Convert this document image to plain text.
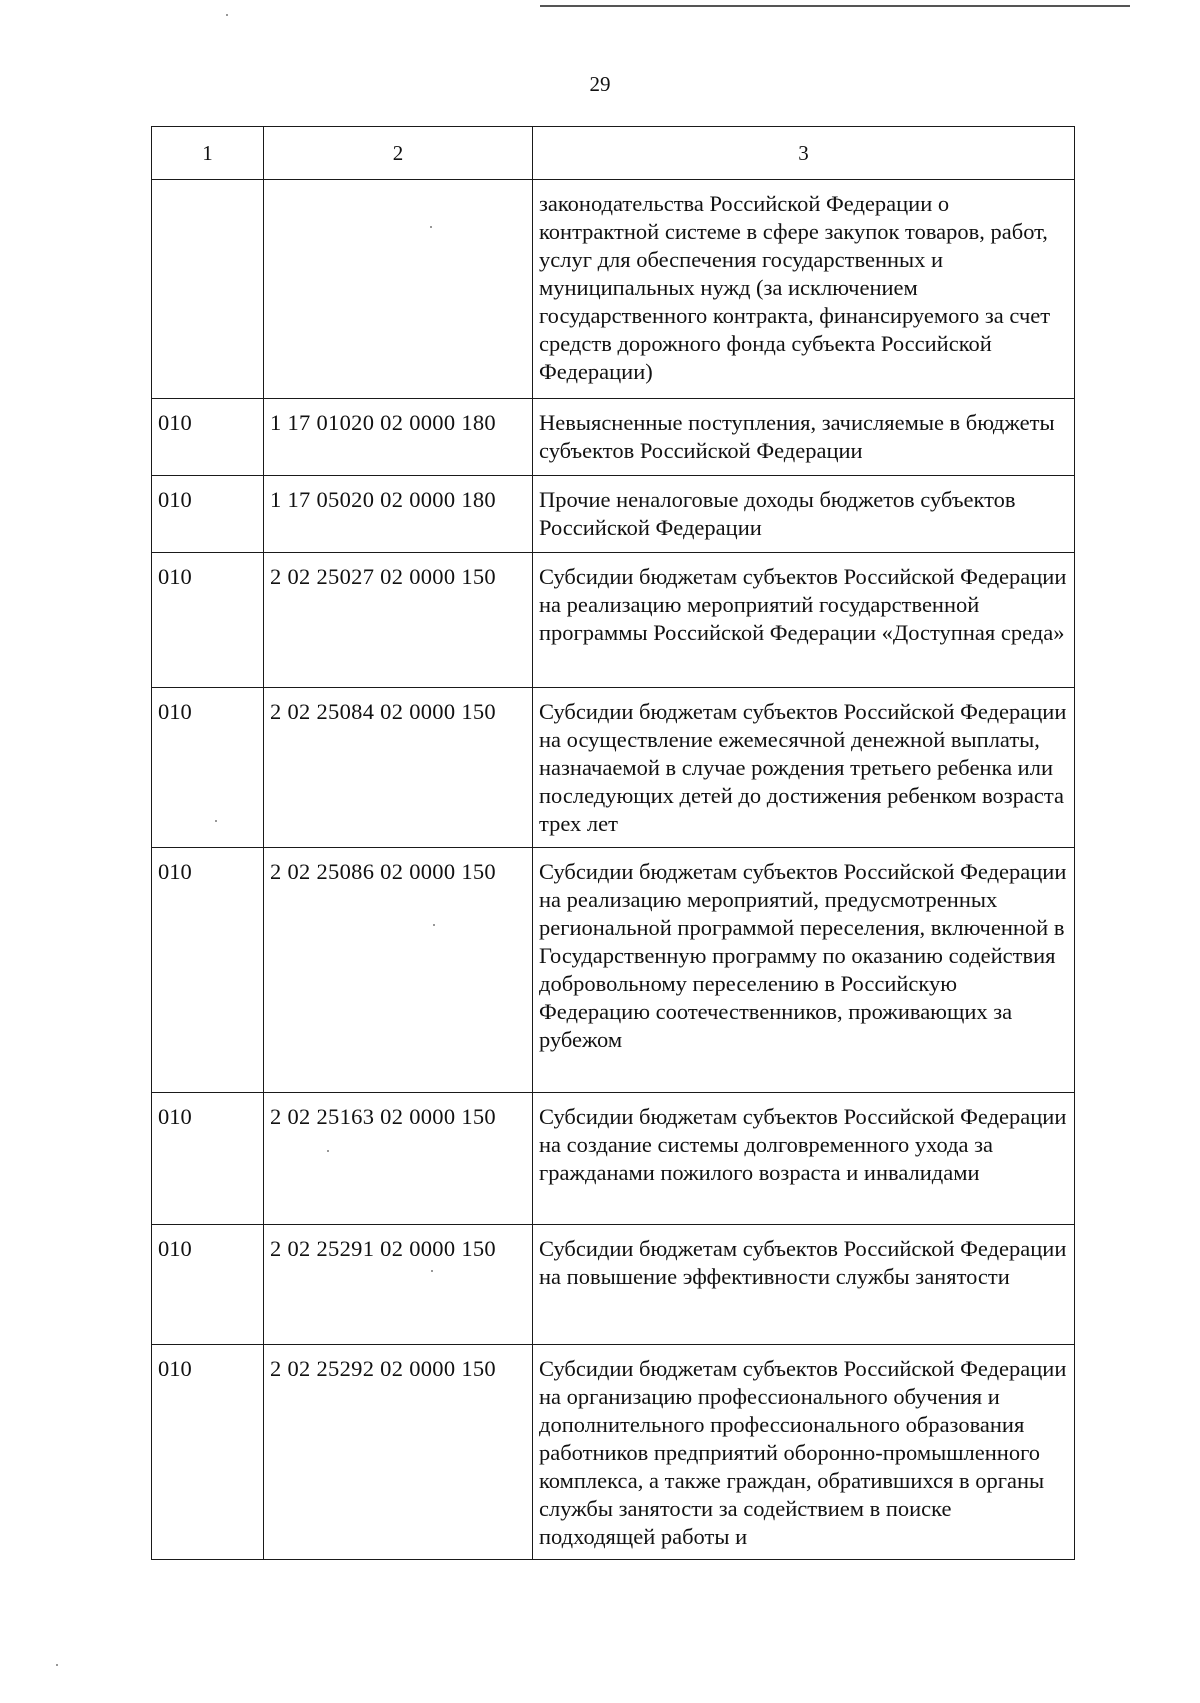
29
1	2	3
		законодательства Российской Федерации о контрактной системе в сфере закупок товаров, работ, услуг для обеспечения государственных и муниципальных нужд (за исключением государственного контракта, финансируемого за счет средств дорожного фонда субъекта Российской Федерации)
010	1 17 01020 02 0000 180	Невыясненные поступления, зачисляемые в бюджеты субъектов Российской Федерации
010	1 17 05020 02 0000 180	Прочие неналоговые доходы бюджетов субъектов Российской Федерации
010	2 02 25027 02 0000 150	Субсидии бюджетам субъектов Российской Федерации на реализацию мероприятий государственной программы Российской Федерации «Доступная среда»
010	2 02 25084 02 0000 150	Субсидии бюджетам субъектов Российской Федерации на осуществление ежемесячной денежной выплаты, назначаемой в случае рождения третьего ребенка или последующих детей до достижения ребенком возраста трех лет
010	2 02 25086 02 0000 150	Субсидии бюджетам субъектов Российской Федерации на реализацию мероприятий, предусмотренных региональной программой переселения, включенной в Государственную программу по оказанию содействия добровольному переселению в Российскую Федерацию соотечественников, проживающих за рубежом
010	2 02 25163 02 0000 150	Субсидии бюджетам субъектов Российской Федерации на создание системы долговременного ухода за гражданами пожилого возраста и инвалидами
010	2 02 25291 02 0000 150	Субсидии бюджетам субъектов Российской Федерации на повышение эффективности службы занятости
010	2 02 25292 02 0000 150	Субсидии бюджетам субъектов Российской Федерации на организацию профессионального обучения и дополнительного профессионального образования работников предприятий оборонно-промышленного комплекса, а также граждан, обратившихся в органы службы занятости за содействием в поиске подходящей работы и
